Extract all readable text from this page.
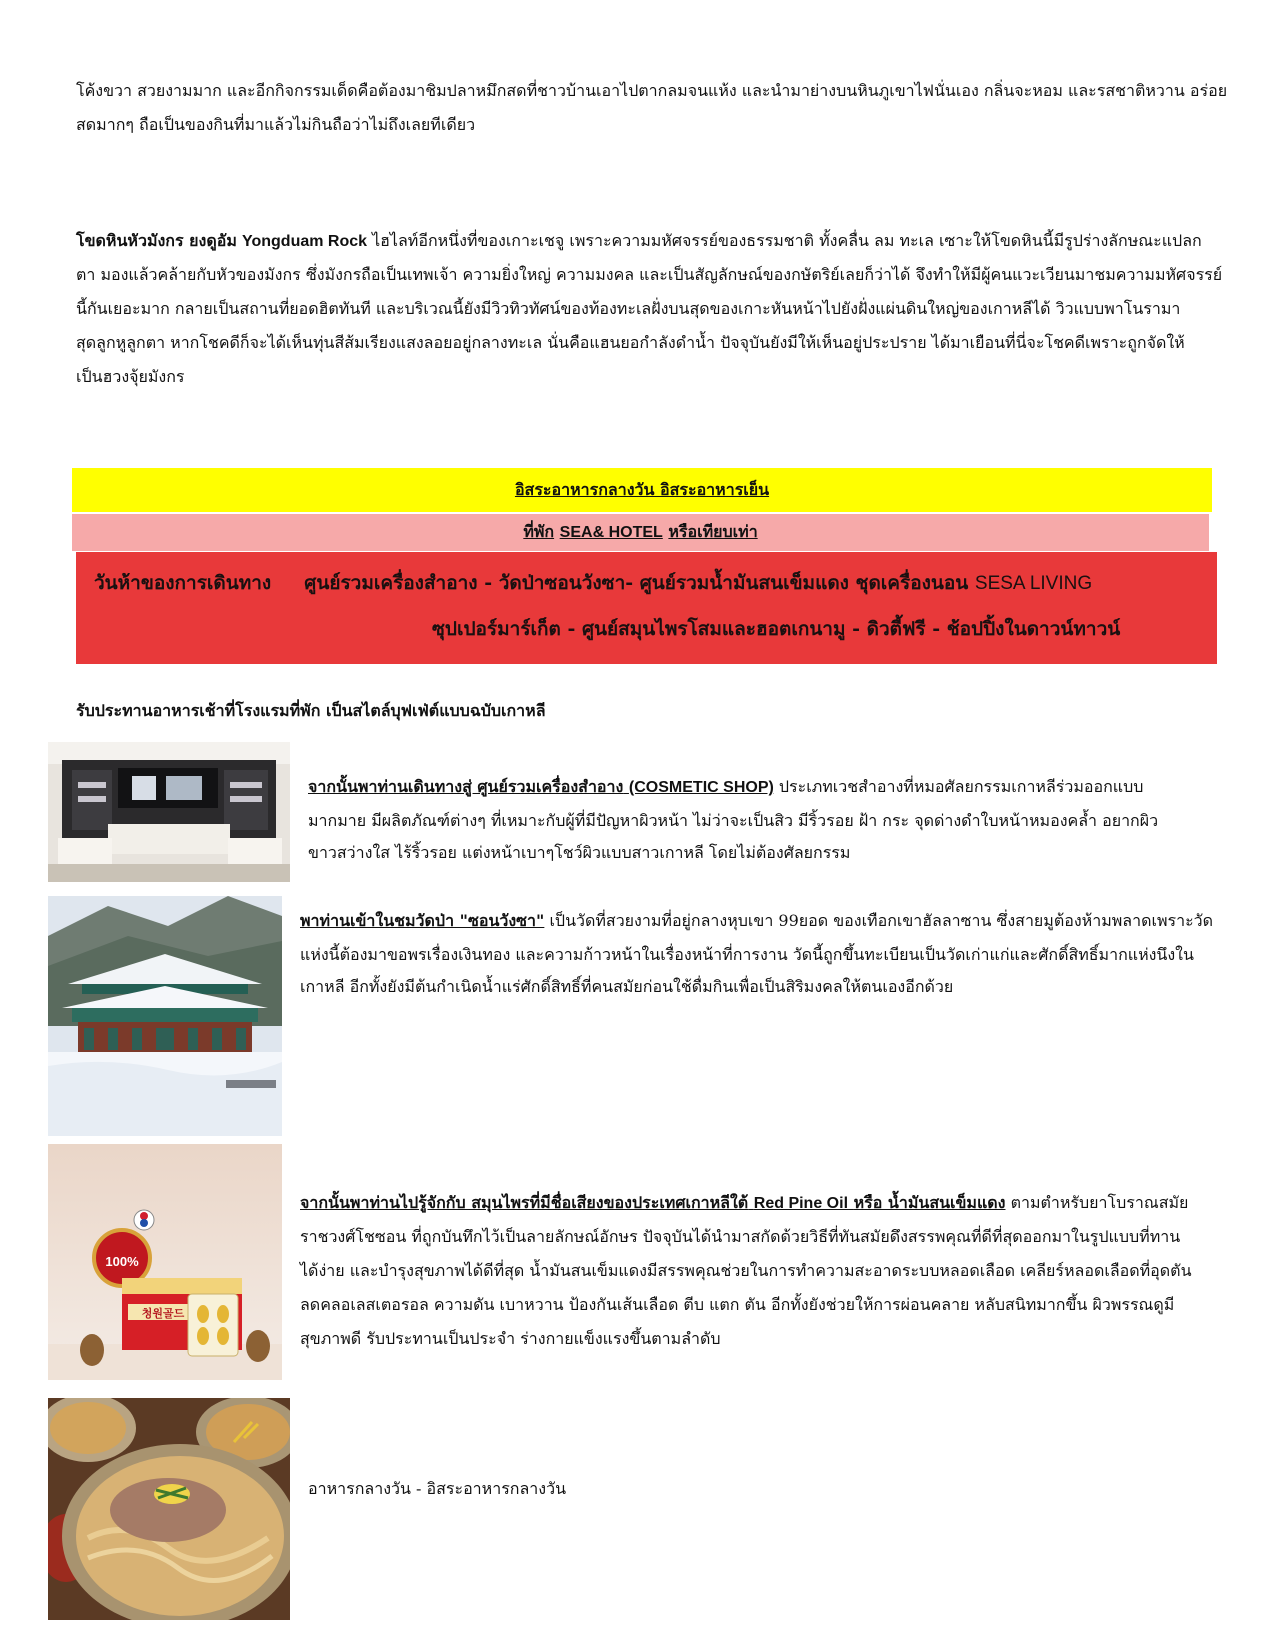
โค้งขวา สวยงามมาก และอีกกิจกรรมเด็ดคือต้องมาชิมปลาหมึกสดที่ชาวบ้านเอาไปตากลมจนแห้ง และนำมาย่างบนหินภูเขาไฟนั่นเอง กลิ่นจะหอม และรสชาติหวาน อร่อย

สดมากๆ ถือเป็นของกินที่มาแล้วไม่กินถือว่าไม่ถึงเลยทีเดียว

โขดหินหัวมังกร ยงดูอัม Yongduam Rock ไฮไลท์อีกหนึ่งที่ของเกาะเชจู เพราะความมหัศจรรย์ของธรรมชาติ ทั้งคลื่น ลม ทะเล เซาะให้โขดหินนี้มีรูปร่างลักษณะแปลก

ตา มองแล้วคล้ายกับหัวของมังกร ซึ่งมังกรถือเป็นเทพเจ้า ความยิ่งใหญ่ ความมงคล และเป็นสัญลักษณ์ของกษัตริย์เลยก็ว่าได้ จึงทำให้มีผู้คนแวะเวียนมาชมความมหัศจรรย์

นี้กันเยอะมาก กลายเป็นสถานที่ยอดฮิตทันที และบริเวณนี้ยังมีวิวทิวทัศน์ของท้องทะเลฝั่งบนสุดของเกาะหันหน้าไปยังฝั่งแผ่นดินใหญ่ของเกาหลีได้ วิวแบบพาโนรามา

สุดลูกหูลูกตา หากโชคดีก็จะได้เห็นทุ่นสีส้มเรียงแสงลอยอยู่กลางทะเล นั่นคือแฮนยอกำลังดำน้ำ ปัจจุบันยังมีให้เห็นอยู่ประปราย ได้มาเยือนที่นี่จะโชคดีเพราะถูกจัดให้

เป็นฮวงจุ้ยมังกร

อิสระอาหารกลางวัน อิสระอาหารเย็น
ที่พัก
SEA& HOTEL
หรือเทียบเท่า
วันห้าของการเดินทาง ศูนย์รวมเครื่องสำอาง - วัดป่าซอนวังซา- ศูนย์รวมน้ำมันสนเข็มแดง ชุดเครื่องนอน SESA LIVING
ซุปเปอร์มาร์เก็ต - ศูนย์สมุนไพรโสมและฮอตเกนามู - ดิวตี้ฟรี - ช้อปปิ้งในดาวน์ทาวน์

รับประทานอาหารเช้าที่โรงแรมที่พัก เป็นสไตล์บุฟเฟ่ต์แบบฉบับเกาหลี

จากนั้นพาท่านเดินทางสู่ ศูนย์รวมเครื่องสำอาง (COSMETIC SHOP) ประเภทเวชสำอางที่หมอศัลยกรรมเกาหลีร่วมออกแบบ

มากมาย มีผลิตภัณฑ์ต่างๆ ที่เหมาะกับผู้ที่มีปัญหาผิวหน้า ไม่ว่าจะเป็นสิว มีริ้วรอย ฝ้า กระ จุดด่างดำใบหน้าหมองคล้ำ อยากผิว

ขาวสว่างใส ไร้ริ้วรอย แต่งหน้าเบาๆโชว์ผิวแบบสาวเกาหลี โดยไม่ต้องศัลยกรรม

พาท่านเข้าในชมวัดป่า "ซอนวังซา" เป็นวัดที่สวยงามที่อยู่กลางหุบเขา 99ยอด ของเทือกเขาฮัลลาซาน ซึ่งสายมูต้องห้ามพลาดเพราะวัด

แห่งนี้ต้องมาขอพรเรื่องเงินทอง และความก้าวหน้าในเรื่องหน้าที่การงาน วัดนี้ถูกขึ้นทะเบียนเป็นวัดเก่าแก่และศักดิ์สิทธิ์มากแห่งนึงใน

เกาหลี อีกทั้งยังมีต้นกำเนิดน้ำแร่ศักดิ์สิทธิ์ที่คนสมัยก่อนใช้ดื่มกินเพื่อเป็นสิริมงคลให้ตนเองอีกด้วย

100%
청원골드

จากนั้นพาท่านไปรู้จักกับ สมุนไพรที่มีชื่อเสียงของประเทศเกาหลีใต้ Red Pine Oil หรือ น้ำมันสนเข็มแดง ตามตำหรับยาโบราณสมัย

ราชวงศ์โชซอน ที่ถูกบันทึกไว้เป็นลายลักษณ์อักษร ปัจจุบันได้นำมาสกัดด้วยวิธีที่ทันสมัยดึงสรรพคุณที่ดีที่สุดออกมาในรูปแบบที่ทาน

ได้ง่าย และบำรุงสุขภาพได้ดีที่สุด น้ำมันสนเข็มแดงมีสรรพคุณช่วยในการทำความสะอาดระบบหลอดเลือด เคลียร์หลอดเลือดที่อุดตัน

ลดคลอเลสเตอรอล ความดัน เบาหวาน ป้องกันเส้นเลือด ตีบ แตก ตัน อีกทั้งยังช่วยให้การผ่อนคลาย หลับสนิทมากขึ้น ผิวพรรณดูมี

สุขภาพดี รับประทานเป็นประจำ ร่างกายแข็งแรงขึ้นตามลำดับ

อาหารกลางวัน - อิสระอาหารกลางวัน
